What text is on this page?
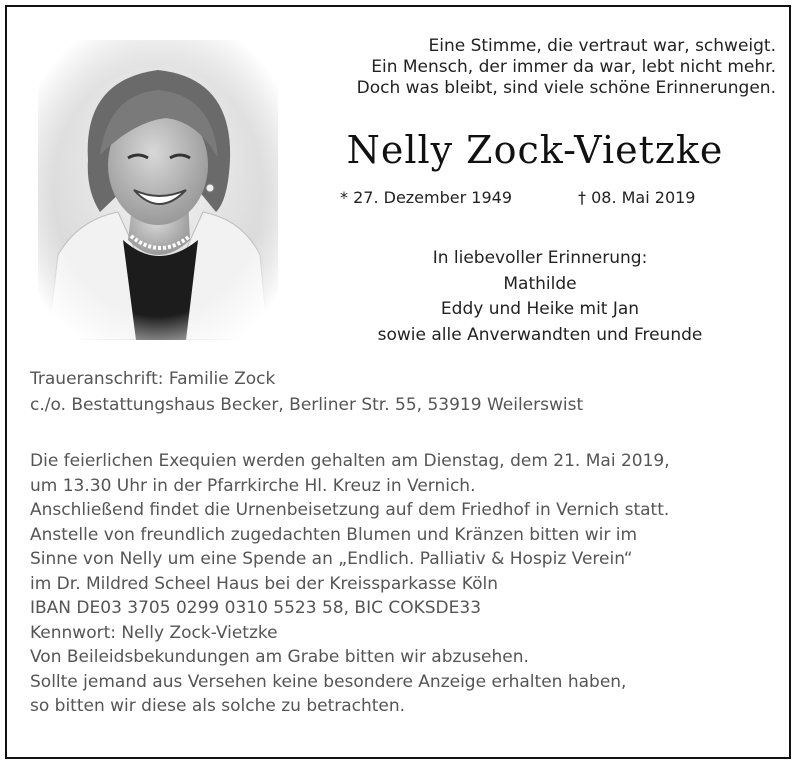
Eine Stimme, die vertraut war, schweigt.
Ein Mensch, der immer da war, lebt nicht mehr.
Doch was bleibt, sind viele schöne Erinnerungen.
Nelly Zock-Vietzke
* 27. Dezember 1949	† 08. Mai 2019
In liebevoller Erinnerung:
Mathilde
Eddy und Heike mit Jan
sowie alle Anverwandten und Freunde
Traueranschrift: Familie Zock
c./o. Bestattungshaus Becker, Berliner Str. 55, 53919 Weilerswist
Die feierlichen Exequien werden gehalten am Dienstag, dem 21. Mai 2019,
um 13.30 Uhr in der Pfarrkirche Hl. Kreuz in Vernich.
Anschließend findet die Urnenbeisetzung auf dem Friedhof in Vernich statt.
Anstelle von freundlich zugedachten Blumen und Kränzen bitten wir im
Sinne von Nelly um eine Spende an „Endlich. Palliativ & Hospiz Verein“
im Dr. Mildred Scheel Haus bei der Kreissparkasse Köln
IBAN DE03 3705 0299 0310 5523 58, BIC COKSDE33
Kennwort: Nelly Zock-Vietzke
Von Beileidsbekundungen am Grabe bitten wir abzusehen.
Sollte jemand aus Versehen keine besondere Anzeige erhalten haben,
so bitten wir diese als solche zu betrachten.
